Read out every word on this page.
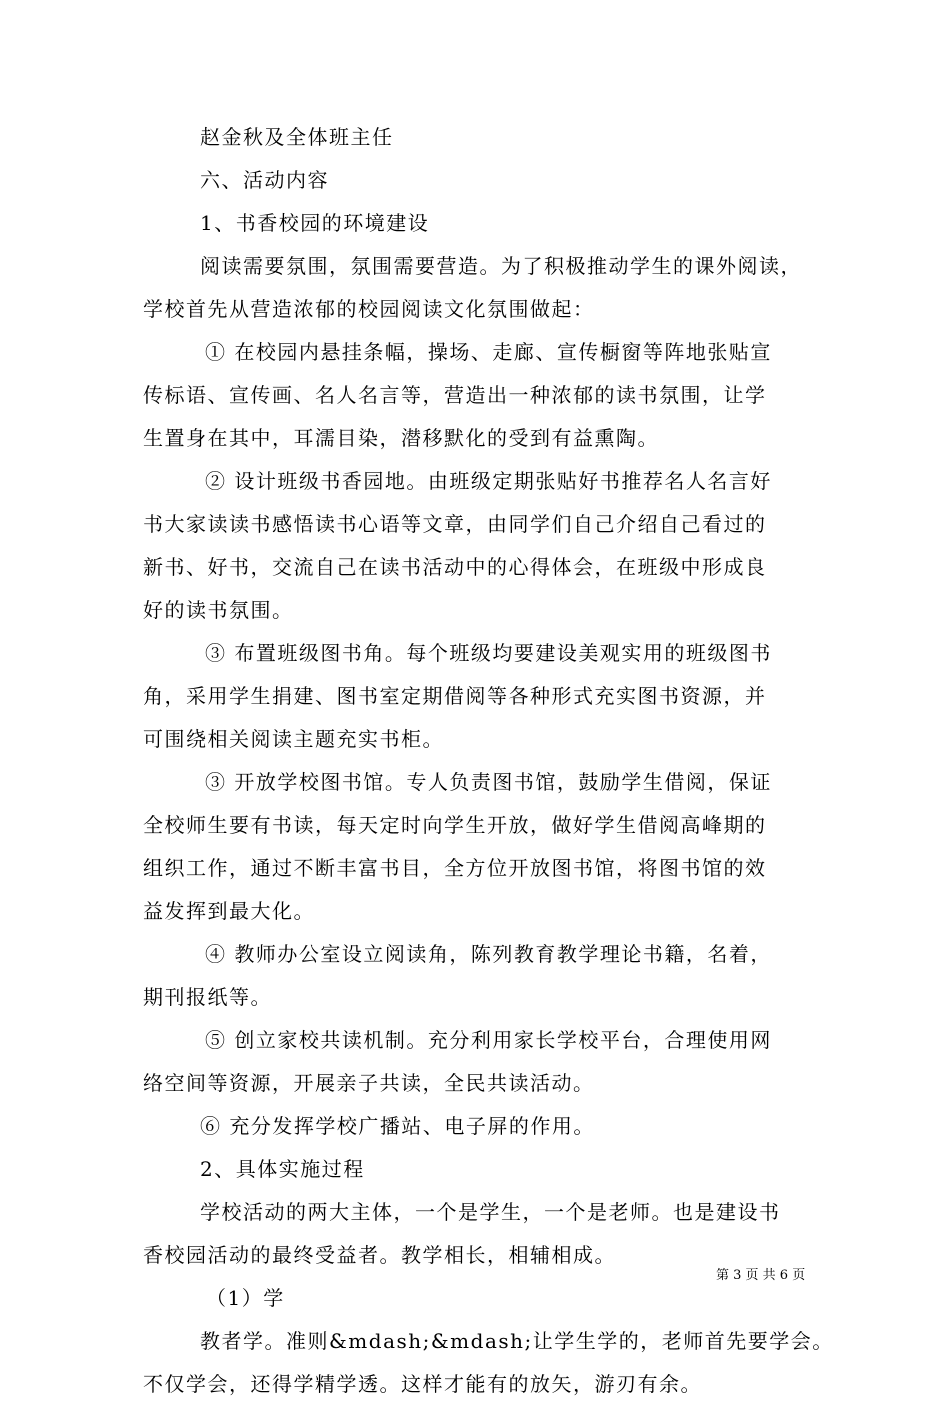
赵金秋及全体班主任
六、活动内容
1、书香校园的环境建设
阅读需要氛围，氛围需要营造。为了积极推动学生的课外阅读，
学校首先从营造浓郁的校园阅读文化氛围做起：
① 在校园内悬挂条幅，操场、走廊、宣传橱窗等阵地张贴宣
传标语、宣传画、名人名言等，营造出一种浓郁的读书氛围，让学
生置身在其中，耳濡目染，潜移默化的受到有益熏陶。
② 设计班级书香园地。由班级定期张贴好书推荐名人名言好
书大家读读书感悟读书心语等文章，由同学们自己介绍自己看过的
新书、好书，交流自己在读书活动中的心得体会，在班级中形成良
好的读书氛围。
③ 布置班级图书角。每个班级均要建设美观实用的班级图书
角，采用学生捐建、图书室定期借阅等各种形式充实图书资源，并
可围绕相关阅读主题充实书柜。
③ 开放学校图书馆。专人负责图书馆，鼓励学生借阅，保证
全校师生要有书读，每天定时向学生开放，做好学生借阅高峰期的
组织工作，通过不断丰富书目，全方位开放图书馆，将图书馆的效
益发挥到最大化。
④ 教师办公室设立阅读角，陈列教育教学理论书籍，名着，
期刊报纸等。
⑤ 创立家校共读机制。充分利用家长学校平台，合理使用网
络空间等资源，开展亲子共读，全民共读活动。
⑥ 充分发挥学校广播站、电子屏的作用。
2、具体实施过程
学校活动的两大主体，一个是学生，一个是老师。也是建设书
香校园活动的最终受益者。教学相长，相辅相成。
（1）学
教者学。准则&mdash;&mdash;让学生学的，老师首先要学会。
不仅学会，还得学精学透。这样才能有的放矢，游刃有余。
第 3 页 共 6 页
